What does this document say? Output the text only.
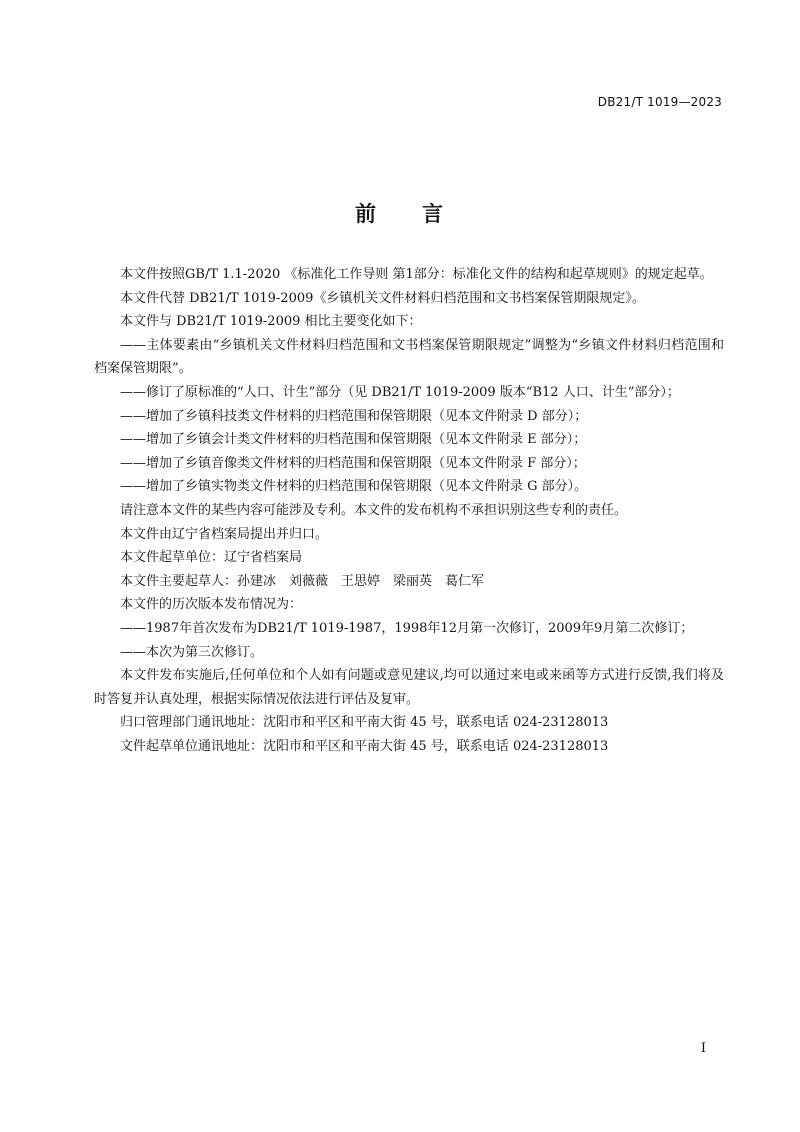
DB21/T 1019—2023
前 言

本文件按照GB/T 1.1-2020 《标准化工作导则 第1部分：标准化文件的结构和起草规则》的规定起草。

本文件代替 DB21/T 1019-2009《乡镇机关文件材料归档范围和文书档案保管期限规定》。

本文件与 DB21/T 1019-2009 相比主要变化如下：

——主体要素由“乡镇机关文件材料归档范围和文书档案保管期限规定”调整为“乡镇文件材料归档范围和档案保管期限”。

——修订了原标准的“人口、计生”部分（见 DB21/T 1019-2009 版本“B12 人口、计生”部分）；

——增加了乡镇科技类文件材料的归档范围和保管期限（见本文件附录 D 部分）；

——增加了乡镇会计类文件材料的归档范围和保管期限（见本文件附录 E 部分）；

——增加了乡镇音像类文件材料的归档范围和保管期限（见本文件附录 F 部分）；

——增加了乡镇实物类文件材料的归档范围和保管期限（见本文件附录 G 部分）。

请注意本文件的某些内容可能涉及专利。本文件的发布机构不承担识别这些专利的责任。

本文件由辽宁省档案局提出并归口。

本文件起草单位：辽宁省档案局

本文件主要起草人：孙建冰　刘薇薇　王思婷　梁丽英　葛仁军

本文件的历次版本发布情况为：

——1987年首次发布为DB21/T 1019-1987，1998年12月第一次修订，2009年9月第二次修订；

——本次为第三次修订。

本文件发布实施后,任何单位和个人如有问题或意见建议,均可以通过来电或来函等方式进行反馈,我们将及时答复并认真处理，根据实际情况依法进行评估及复审。

归口管理部门通讯地址：沈阳市和平区和平南大街 45 号，联系电话 024-23128013

文件起草单位通讯地址：沈阳市和平区和平南大街 45 号，联系电话 024-23128013

I
